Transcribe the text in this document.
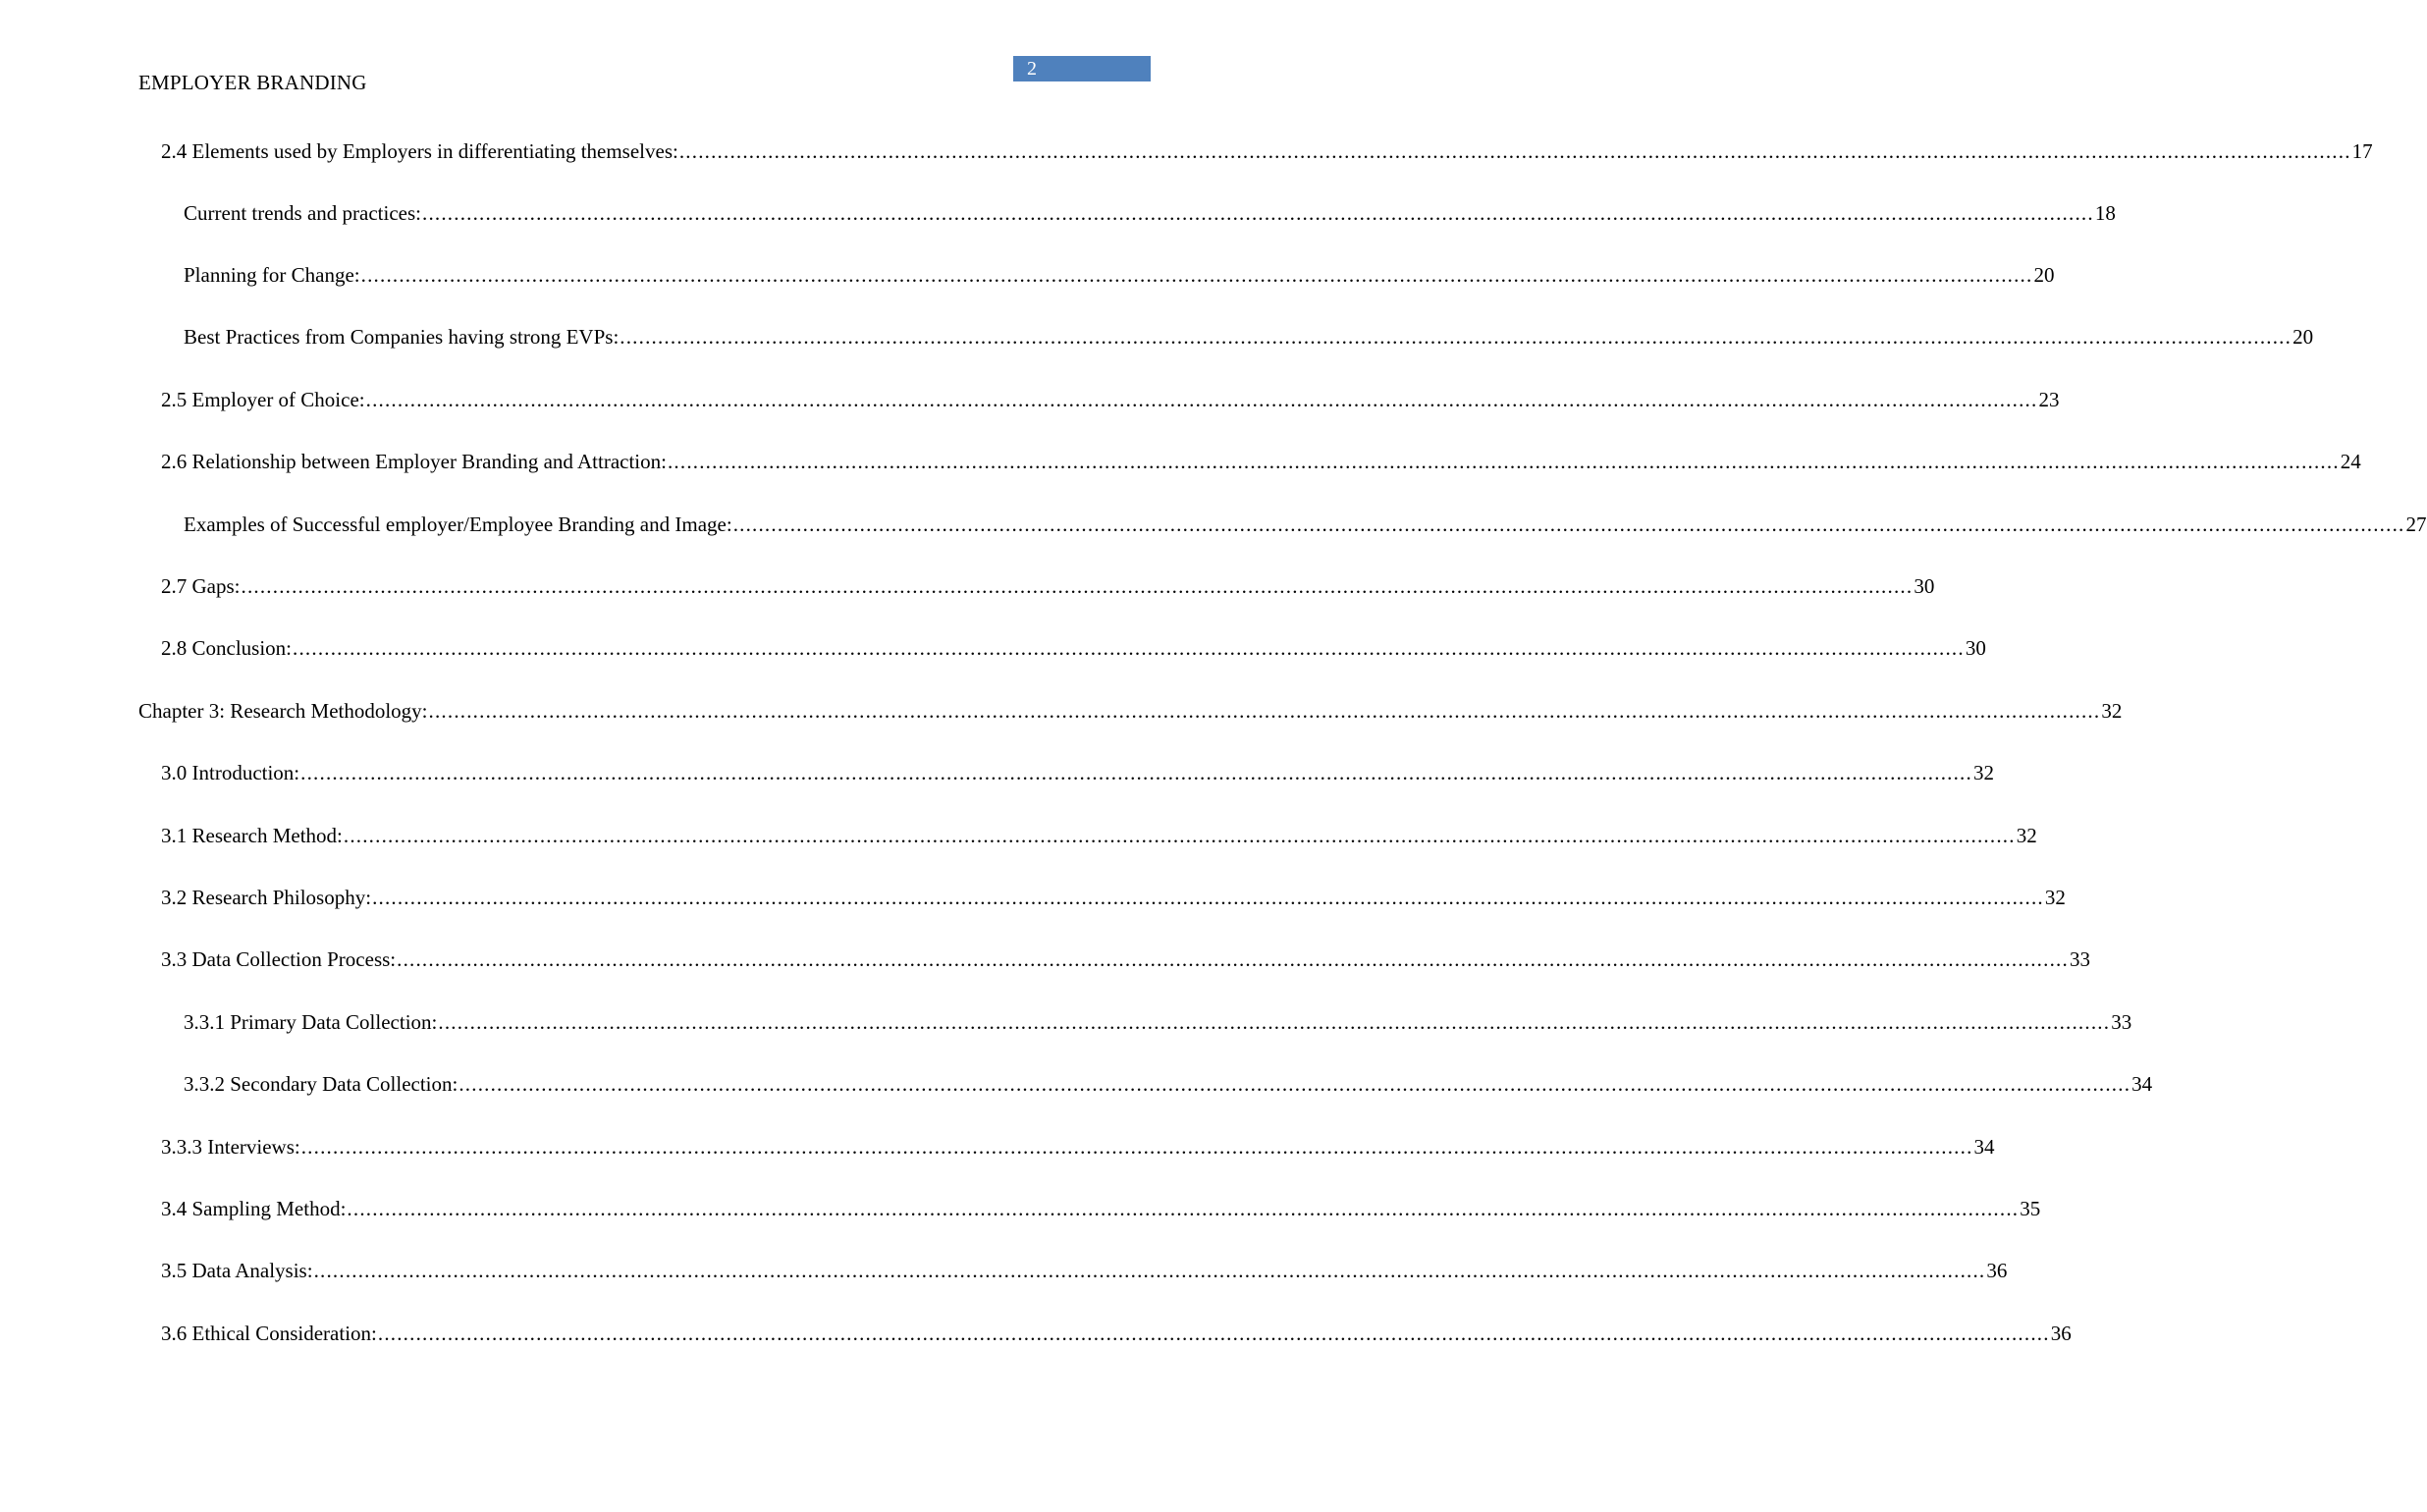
2
EMPLOYER BRANDING
2.4 Elements used by Employers in differentiating themselves: ........................................................................................................................................................................................................................................................................ 17
Current trends and practices: ........................................................................................................................................................................................................................................................................ 18
Planning for Change: ........................................................................................................................................................................................................................................................................ 20
Best Practices from Companies having strong EVPs: ........................................................................................................................................................................................................................................................................ 20
2.5 Employer of Choice: ........................................................................................................................................................................................................................................................................ 23
2.6 Relationship between Employer Branding and Attraction: ........................................................................................................................................................................................................................................................................ 24
Examples of Successful employer/Employee Branding and Image: ........................................................................................................................................................................................................................................................................ 27
2.7 Gaps: ........................................................................................................................................................................................................................................................................ 30
2.8 Conclusion: ........................................................................................................................................................................................................................................................................ 30
Chapter 3: Research Methodology: ........................................................................................................................................................................................................................................................................ 32
3.0 Introduction: ........................................................................................................................................................................................................................................................................ 32
3.1 Research Method: ........................................................................................................................................................................................................................................................................ 32
3.2 Research Philosophy: ........................................................................................................................................................................................................................................................................ 32
3.3 Data Collection Process: ........................................................................................................................................................................................................................................................................ 33
3.3.1 Primary Data Collection: ........................................................................................................................................................................................................................................................................ 33
3.3.2 Secondary Data Collection: ........................................................................................................................................................................................................................................................................ 34
3.3.3 Interviews: ........................................................................................................................................................................................................................................................................ 34
3.4 Sampling Method: ........................................................................................................................................................................................................................................................................ 35
3.5 Data Analysis: ........................................................................................................................................................................................................................................................................ 36
3.6 Ethical Consideration: ........................................................................................................................................................................................................................................................................ 36
